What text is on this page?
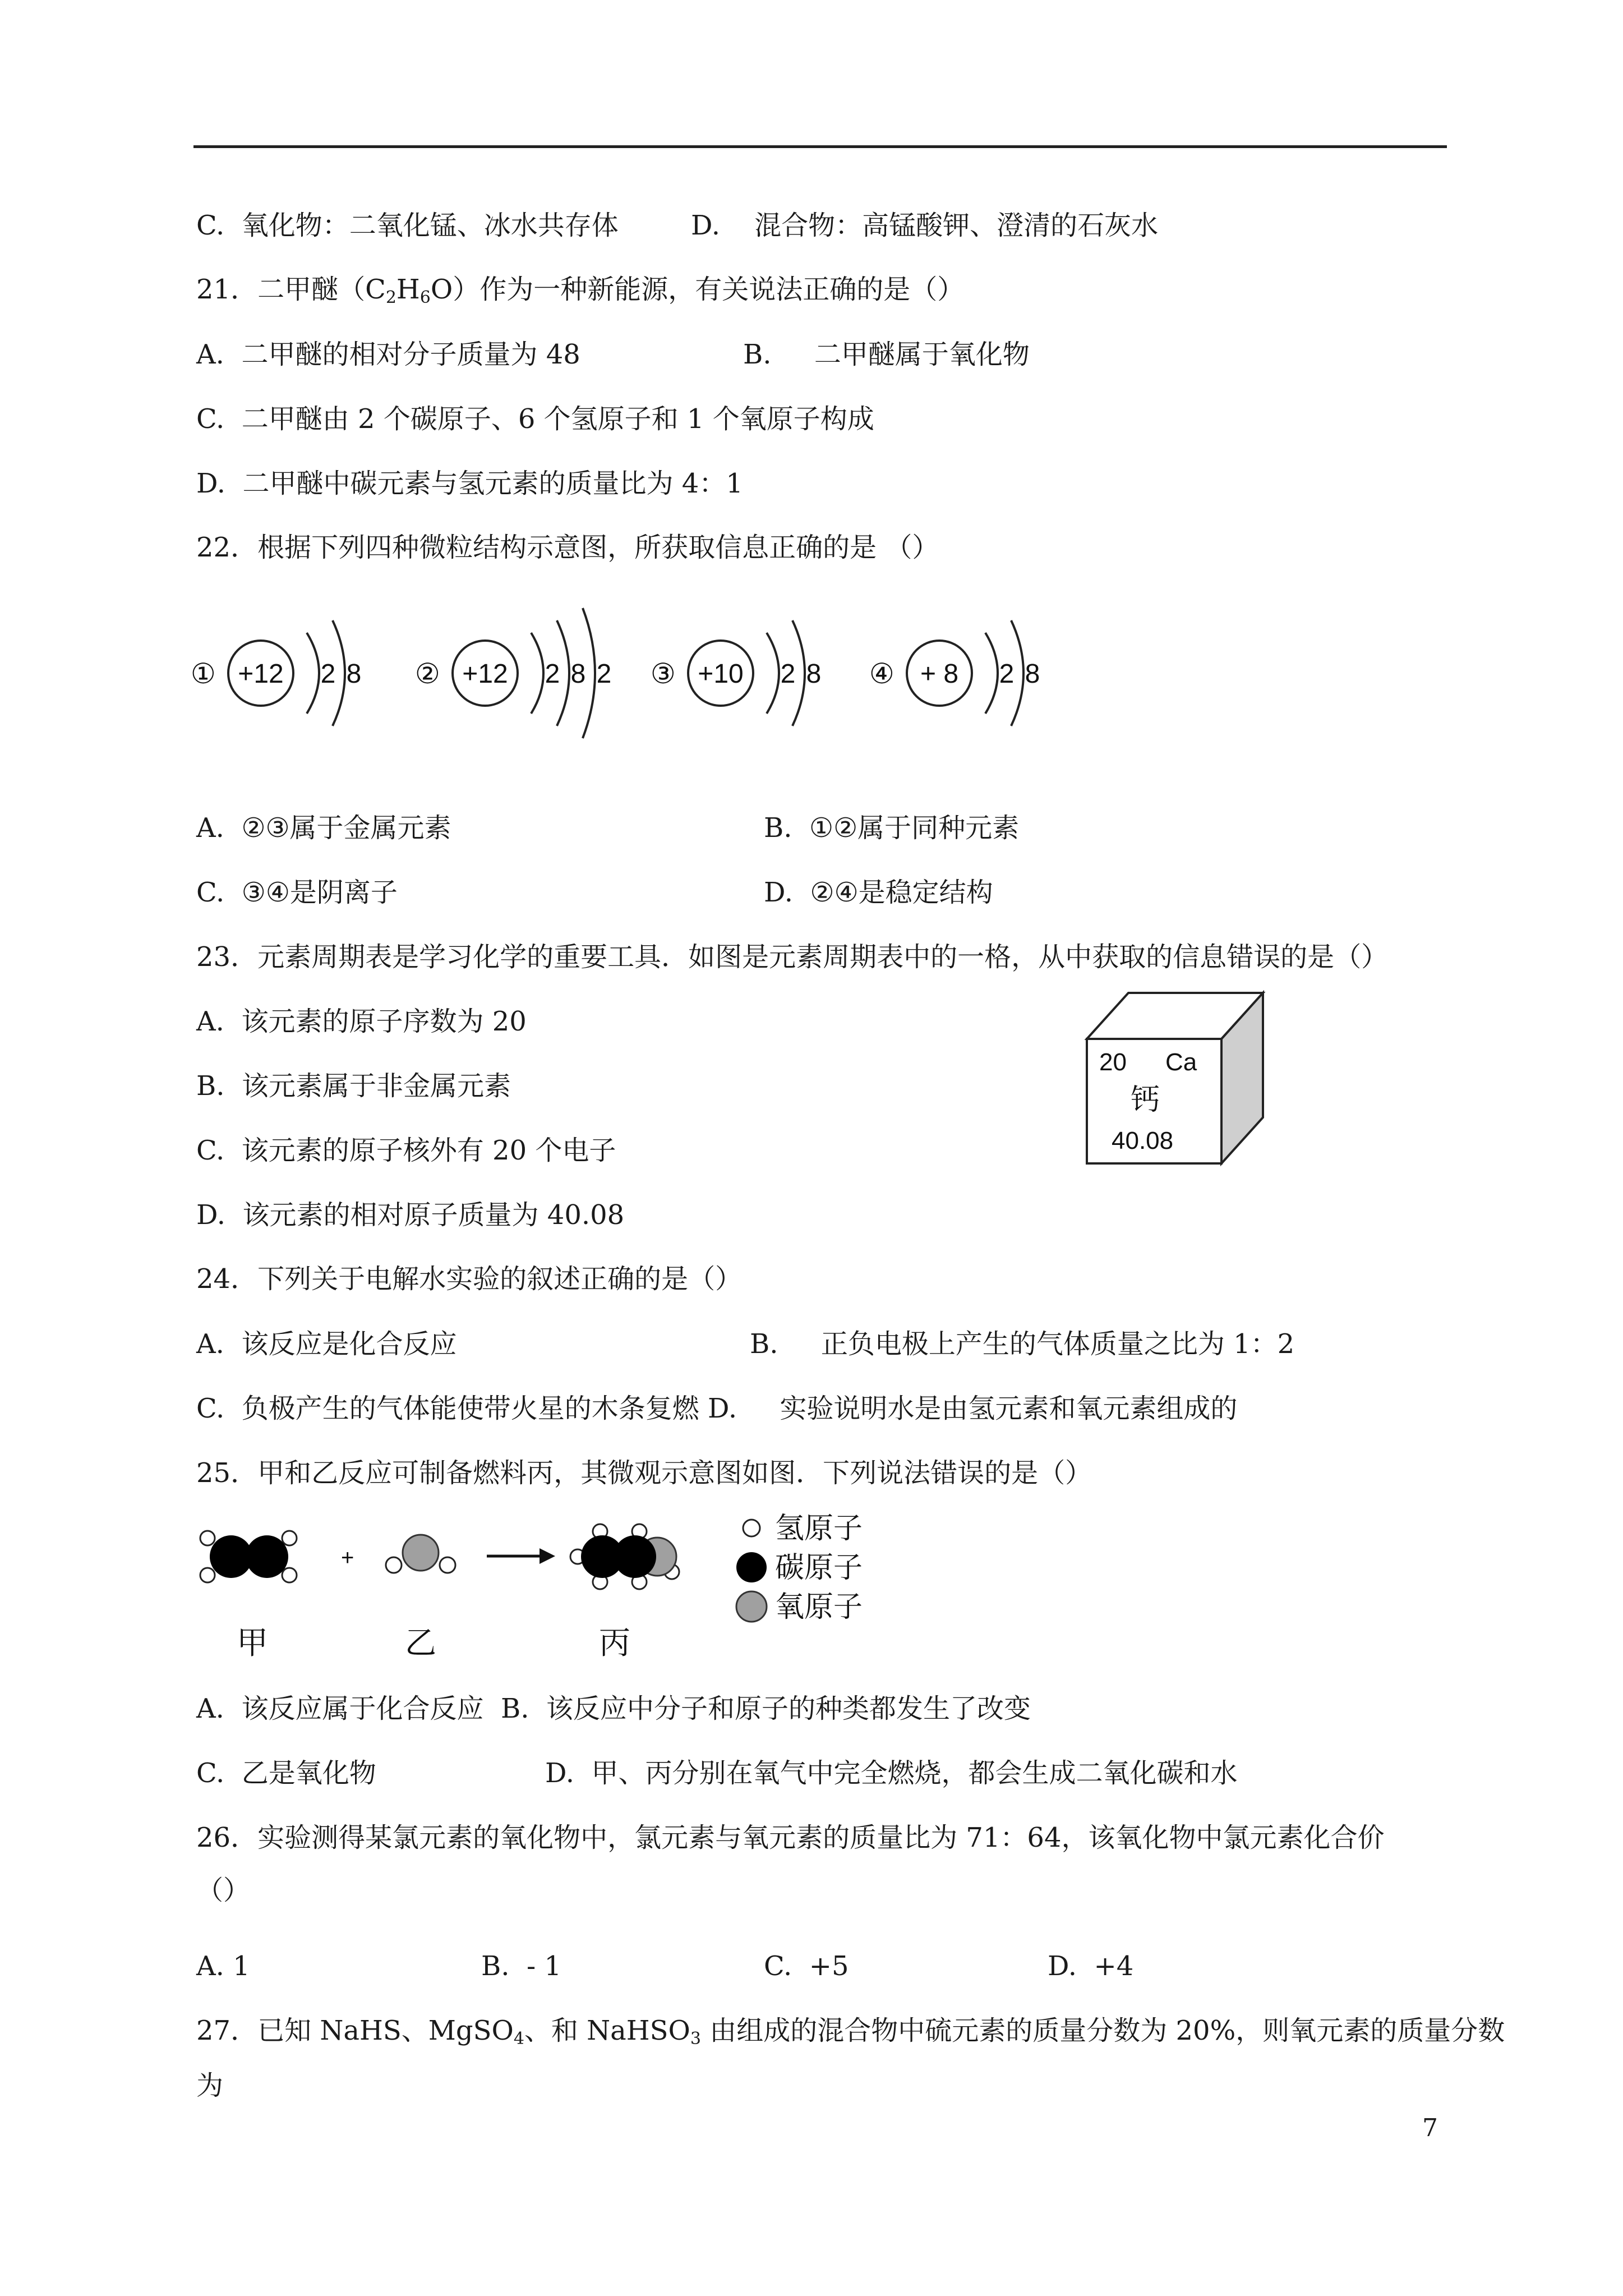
C.  氧化物：二氧化锰、冰水共存体	D.    混合物：高锰酸钾、澄清的石灰水
21．二甲醚$(C_2H_6O)$作为一种新能源，有关说法正确的是（）
A.  二甲醚的相对分子质量为 48	B.     二甲醚属于氧化物
C.  二甲醚由 2 个碳原子、6 个氢原子和 1 个氧原子构成
D.  二甲醚中碳元素与氢元素的质量比为 4：1
22．根据下列四种微粒结构示意图，所获取信息正确的是 （）
① +12 2 8 ② +12 2 8 2 ③ +10 2 8 ④ + 8 2 8
A.  ②③属于金属元素	B.  ①②属于同种元素
C.  ③④是阴离子	D.  ②④是稳定结构
23．元素周期表是学习化学的重要工具．如图是元素周期表中的一格，从中获取的信息错误的是（）
A.  该元素的原子序数为 20
B.  该元素属于非金属元素
C.  该元素的原子核外有 20 个电子
D.  该元素的相对原子质量为 40.08
20 Ca
钙
40.08
24．下列关于电解水实验的叙述正确的是（）
A.  该反应是化合反应	B.     正负电极上产生的气体质量之比为 1：2
C.  负极产生的气体能使带火星的木条复燃 D.     实验说明水是由氢元素和氧元素组成的
25．甲和乙反应可制备燃料丙，其微观示意图如图．下列说法错误的是（）
+
甲	乙	丙
氢原子
碳原子
氧原子
A.  该反应属于化合反应  B.  该反应中分子和原子的种类都发生了改变
C.  乙是氧化物	D.  甲、丙分别在氧气中完全燃烧，都会生成二氧化碳和水
26．实验测得某氯元素的氧化物中，氯元素与氧元素的质量比为 71：64，该氧化物中氯元素化合价
（）
A. 1	B.  - 1	C.  +5	D.  +4
27．已知 NaHS、MgSO$_4$、和 NaHSO$_3$ 由组成的混合物中硫元素的质量分数为 20%，则氧元素的质量分数
为
7
